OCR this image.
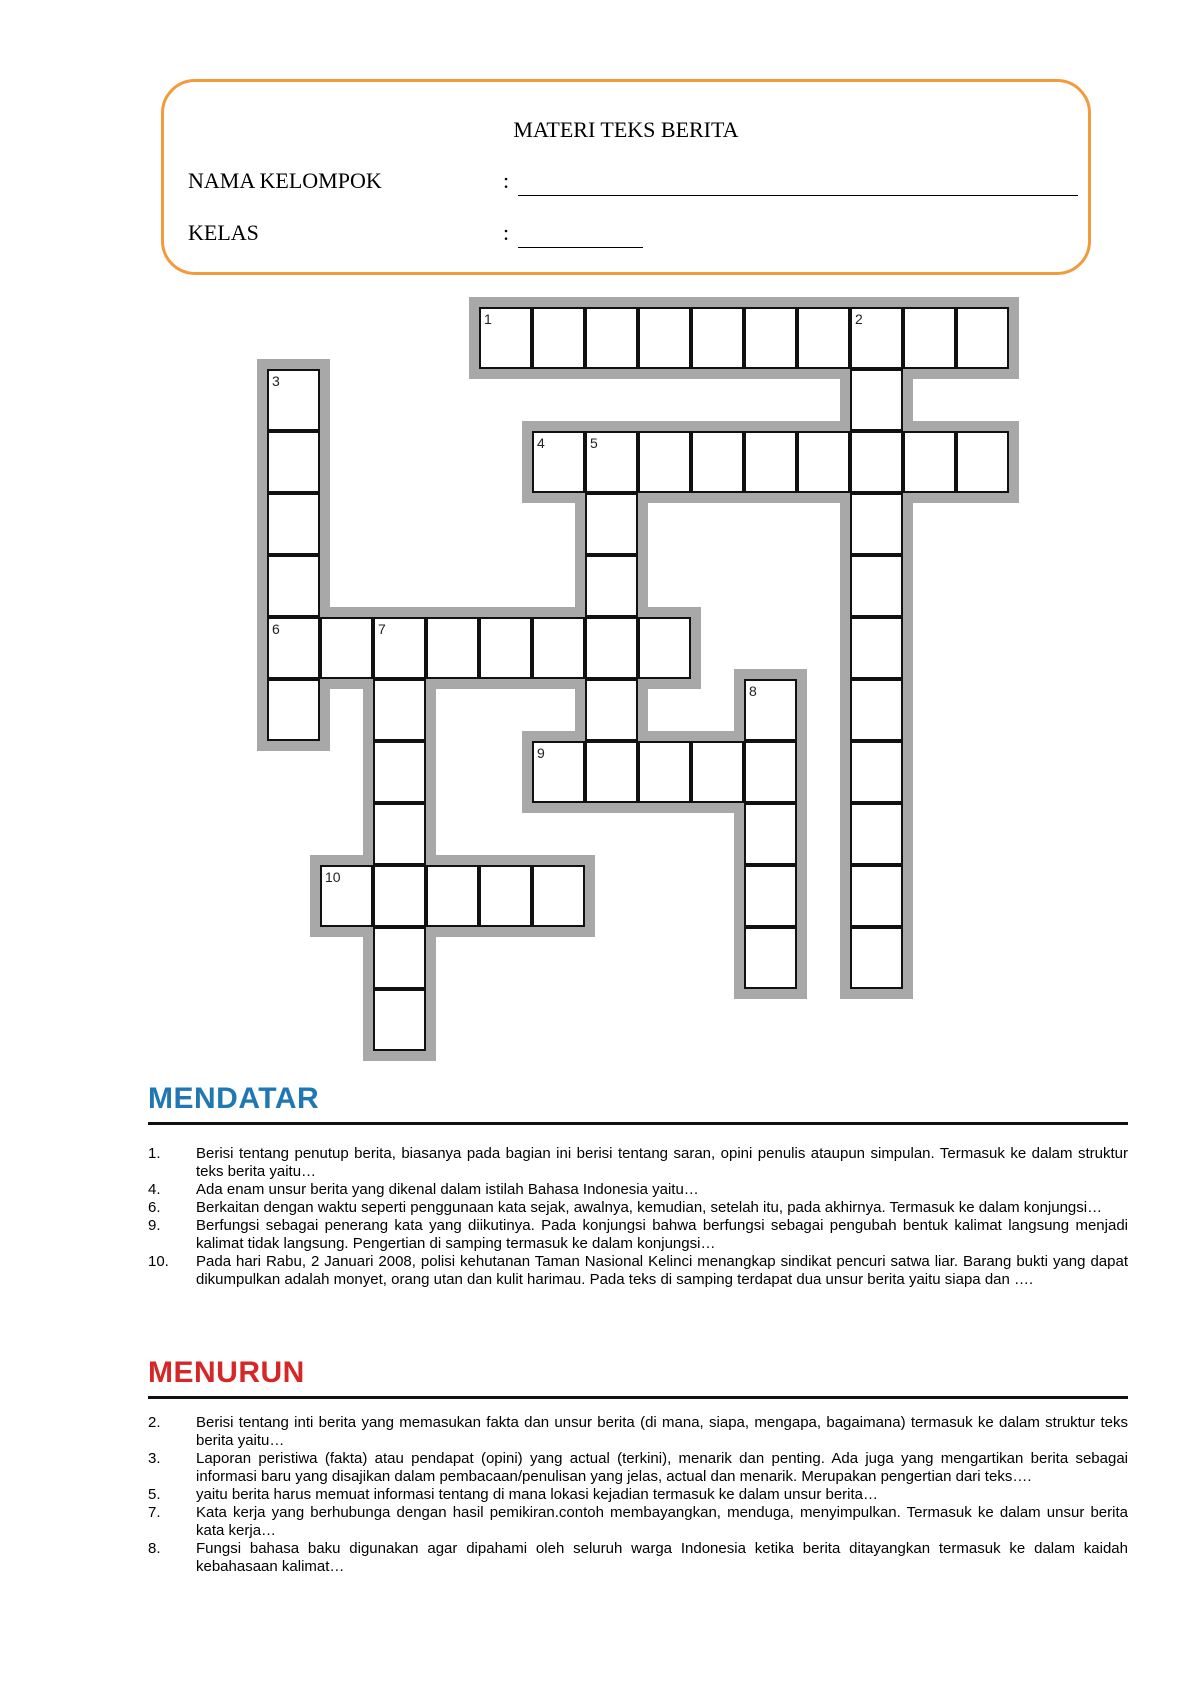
MATERI TEKS BERITA
NAMA KELOMPOK	:
KELAS	:
1	2
3
6
4	5
7
8
9
10
MENDATAR
1. Berisi tentang penutup berita, biasanya pada bagian ini berisi tentang saran, opini penulis ataupun simpulan. Termasuk ke dalam struktur teks berita yaitu…
4. Ada enam unsur berita yang dikenal dalam istilah Bahasa Indonesia yaitu…
6. Berkaitan dengan waktu seperti penggunaan kata sejak, awalnya, kemudian, setelah itu, pada akhirnya. Termasuk ke dalam konjungsi…
9. Berfungsi sebagai penerang kata yang diikutinya. Pada konjungsi bahwa berfungsi sebagai pengubah bentuk kalimat langsung menjadi kalimat tidak langsung. Pengertian di samping termasuk ke dalam konjungsi…
10. Pada hari Rabu, 2 Januari 2008, polisi kehutanan Taman Nasional Kelinci menangkap sindikat pencuri satwa liar. Barang bukti yang dapat dikumpulkan adalah monyet, orang utan dan kulit harimau. Pada teks di samping terdapat dua unsur berita yaitu siapa dan ….
MENURUN
2. Berisi tentang inti berita yang memasukan fakta dan unsur berita (di mana, siapa, mengapa, bagaimana) termasuk ke dalam struktur teks berita yaitu…
3. Laporan peristiwa (fakta) atau pendapat (opini) yang actual (terkini), menarik dan penting. Ada juga yang mengartikan berita sebagai informasi baru yang disajikan dalam pembacaan/penulisan yang jelas, actual dan menarik. Merupakan pengertian dari teks….
5. yaitu berita harus memuat informasi tentang di mana lokasi kejadian termasuk ke dalam unsur berita…
7. Kata kerja yang berhubunga dengan hasil pemikiran.contoh membayangkan, menduga, menyimpulkan. Termasuk ke dalam unsur berita kata kerja…
8. Fungsi bahasa baku digunakan agar dipahami oleh seluruh warga Indonesia ketika berita ditayangkan termasuk ke dalam kaidah kebahasaan kalimat…
